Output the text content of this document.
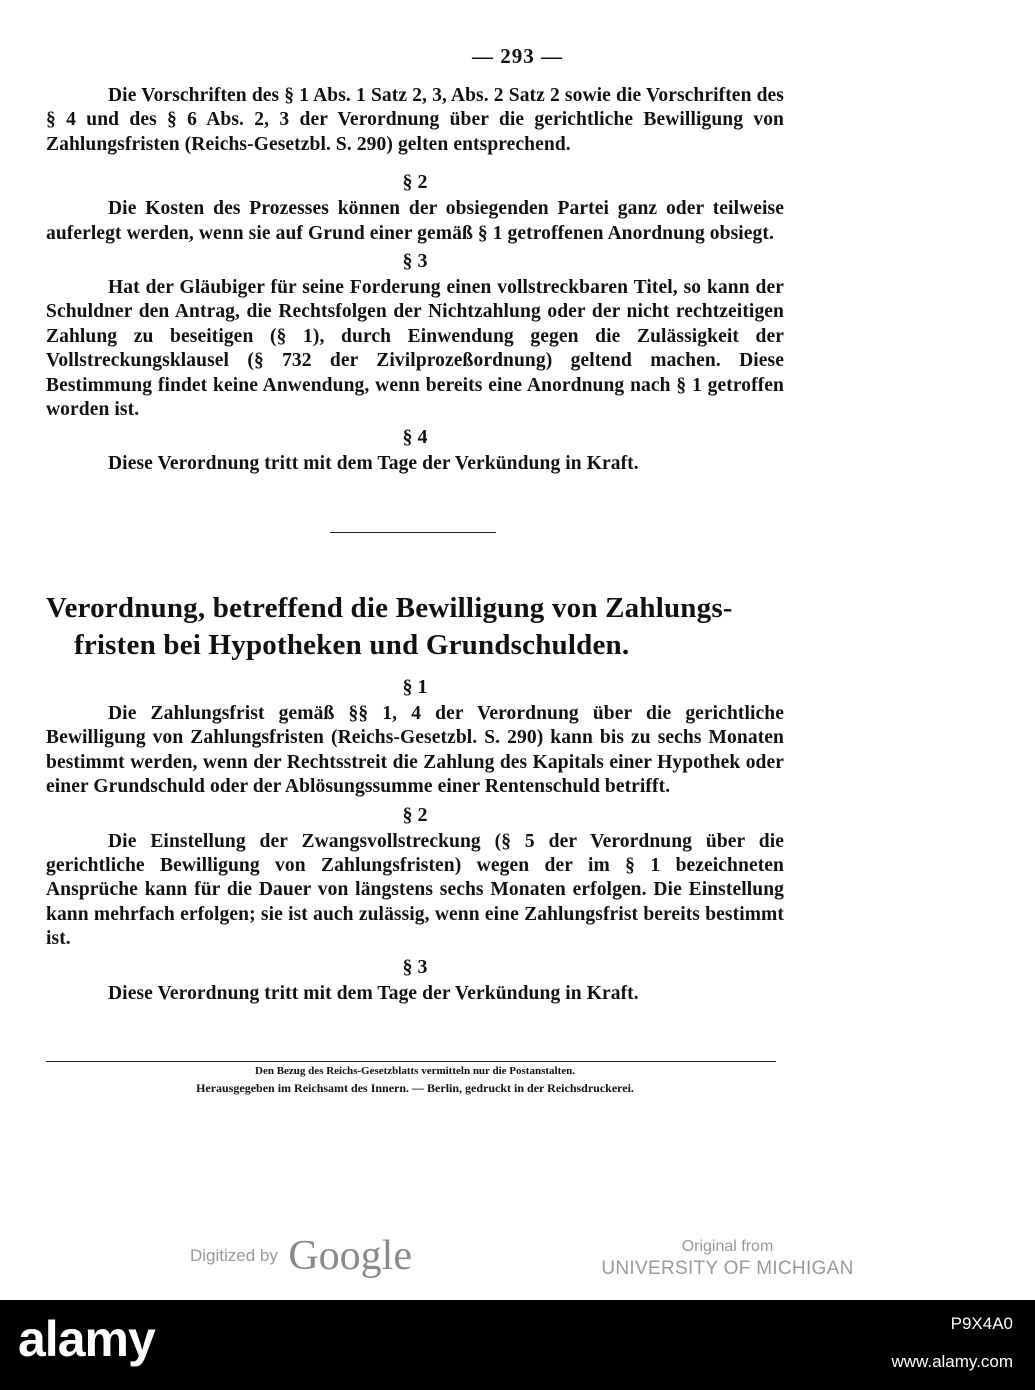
— 293 —

Die Vorschriften des § 1 Abs. 1 Satz 2, 3, Abs. 2 Satz 2 sowie die Vorschriften des § 4 und des § 6 Abs. 2, 3 der Verordnung über die gerichtliche Bewilligung von Zahlungsfristen (Reichs-Gesetzbl. S. 290) gelten entsprechend.

§ 2

Die Kosten des Prozesses können der obsiegenden Partei ganz oder teilweise auferlegt werden, wenn sie auf Grund einer gemäß § 1 getroffenen Anordnung obsiegt.

§ 3

Hat der Gläubiger für seine Forderung einen vollstreckbaren Titel, so kann der Schuldner den Antrag, die Rechtsfolgen der Nichtzahlung oder der nicht rechtzeitigen Zahlung zu beseitigen (§ 1), durch Einwendung gegen die Zulässigkeit der Vollstreckungsklausel (§ 732 der Zivilprozeßordnung) geltend machen. Diese Bestimmung findet keine Anwendung, wenn bereits eine Anordnung nach § 1 getroffen worden ist.

§ 4

Diese Verordnung tritt mit dem Tage der Verkündung in Kraft.

Verordnung, betreffend die Bewilligung von Zahlungs-
fristen bei Hypotheken und Grundschulden.
§ 1

Die Zahlungsfrist gemäß §§ 1, 4 der Verordnung über die gerichtliche Bewilligung von Zahlungsfristen (Reichs-Gesetzbl. S. 290) kann bis zu sechs Monaten bestimmt werden, wenn der Rechtsstreit die Zahlung des Kapitals einer Hypothek oder einer Grundschuld oder der Ablösungssumme einer Rentenschuld betrifft.

§ 2

Die Einstellung der Zwangsvollstreckung (§ 5 der Verordnung über die gerichtliche Bewilligung von Zahlungsfristen) wegen der im § 1 bezeichneten Ansprüche kann für die Dauer von längstens sechs Monaten erfolgen. Die Einstellung kann mehrfach erfolgen; sie ist auch zulässig, wenn eine Zahlungsfrist bereits bestimmt ist.

§ 3

Diese Verordnung tritt mit dem Tage der Verkündung in Kraft.

Den Bezug des Reichs-Gesetzblatts vermitteln nur die Postanstalten.
Herausgegeben im Reichsamt des Innern. — Berlin, gedruckt in der Reichsdruckerei.
Digitized by Google	Original from
UNIVERSITY OF MICHIGAN
alamy	P9X4A0
www.alamy.com
